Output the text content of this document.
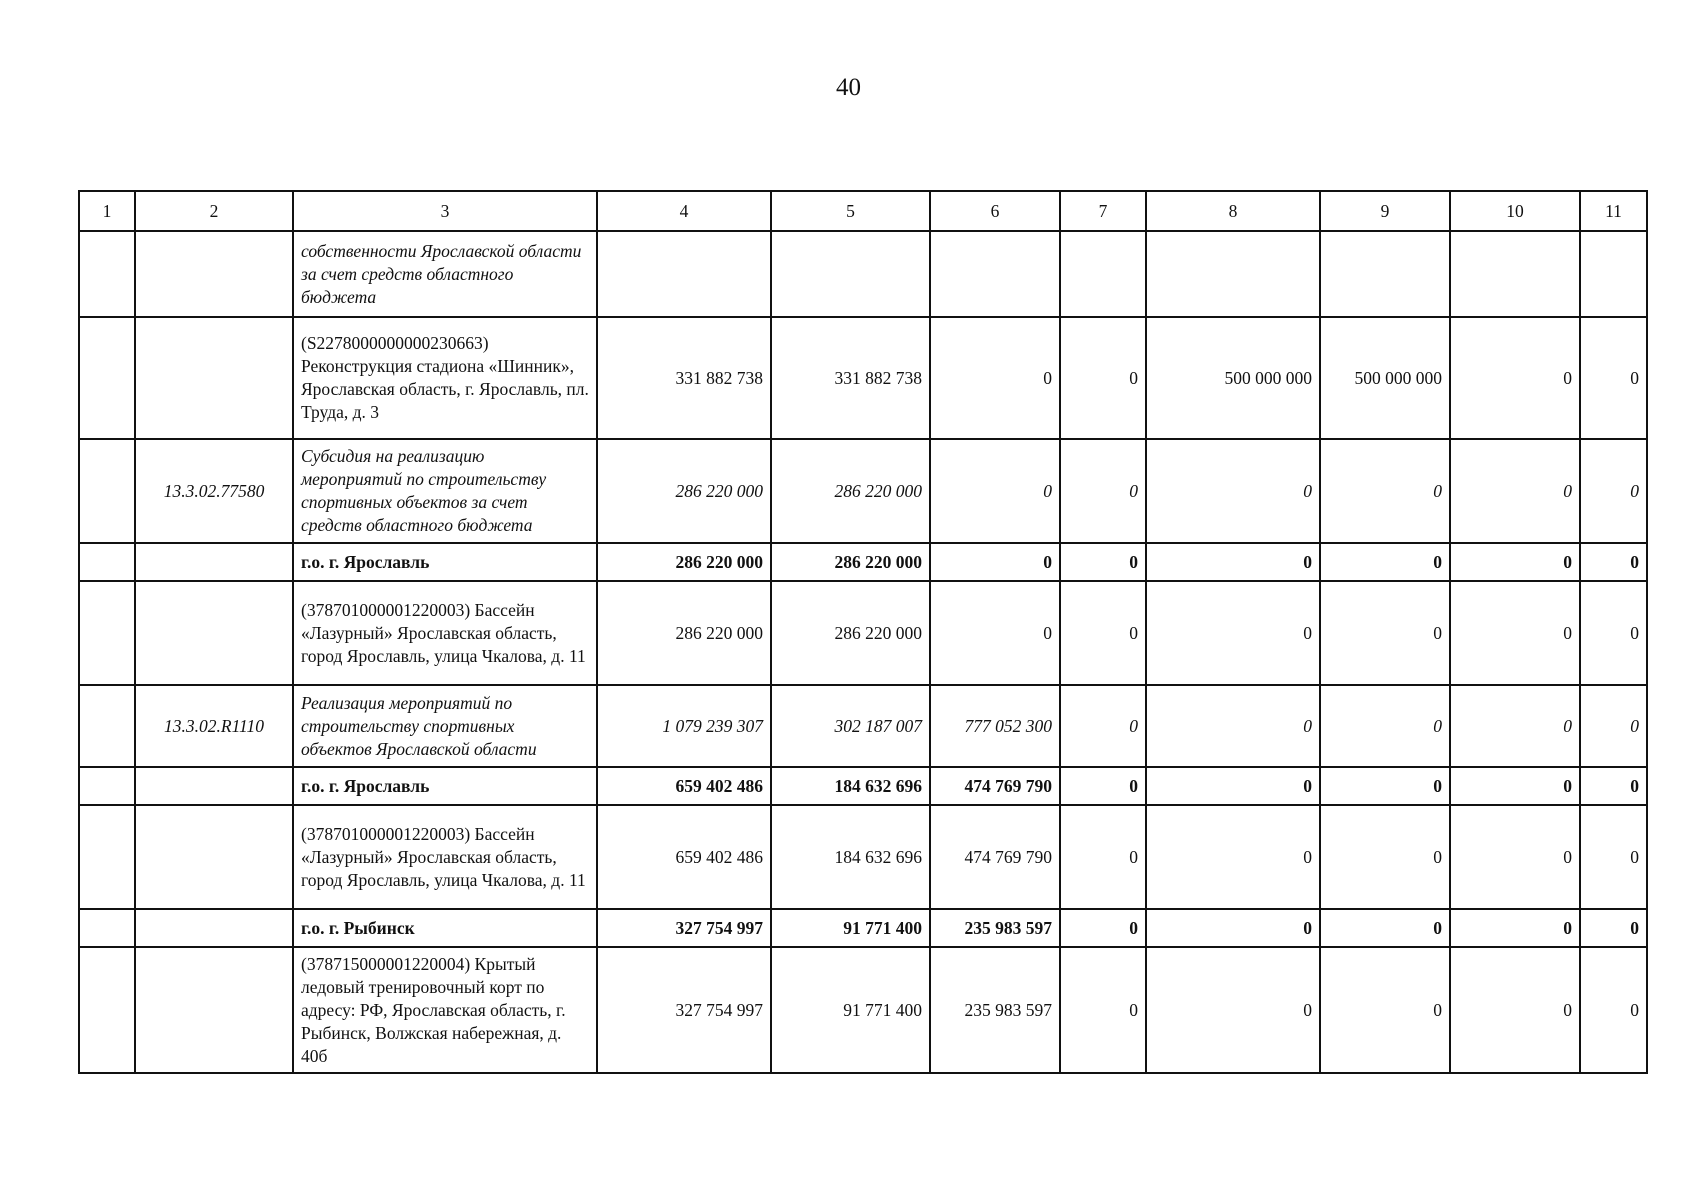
40
1	2	3	4	5	6	7	8	9	10	11
		собственности Ярославской области за счет средств областного бюджета								
		(S2278000000000230663) Реконструкция стадиона «Шинник», Ярославская область, г. Ярославль, пл. Труда, д. 3	331 882 738	331 882 738	0	0	500 000 000	500 000 000	0	0
	13.3.02.77580	Субсидия на реализацию мероприятий по строительству спортивных объектов за счет средств областного бюджета	286 220 000	286 220 000	0	0	0	0	0	0
		г.о. г. Ярославль	286 220 000	286 220 000	0	0	0	0	0	0
		(378701000001220003) Бассейн «Лазурный» Ярославская область, город Ярославль, улица Чкалова, д. 11	286 220 000	286 220 000	0	0	0	0	0	0
	13.3.02.R1110	Реализация мероприятий по строительству спортивных объектов Ярославской области	1 079 239 307	302 187 007	777 052 300	0	0	0	0	0
		г.о. г. Ярославль	659 402 486	184 632 696	474 769 790	0	0	0	0	0
		(378701000001220003) Бассейн «Лазурный» Ярославская область, город Ярославль, улица Чкалова, д. 11	659 402 486	184 632 696	474 769 790	0	0	0	0	0
		г.о. г. Рыбинск	327 754 997	91 771 400	235 983 597	0	0	0	0	0
		(378715000001220004) Крытый ледовый тренировочный корт по адресу: РФ, Ярославская область, г. Рыбинск, Волжская набережная, д. 40б	327 754 997	91 771 400	235 983 597	0	0	0	0	0
